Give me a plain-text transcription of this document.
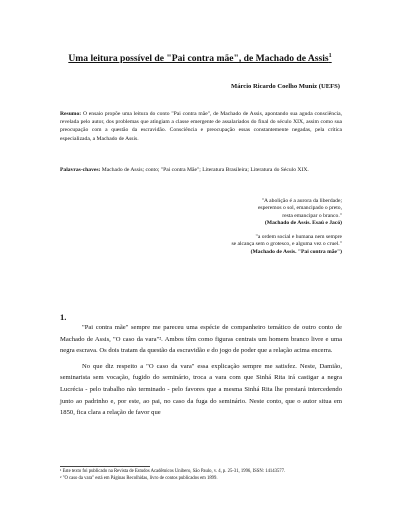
Uma leitura possível de "Pai contra mãe", de Machado de Assis$^1$
Márcio Ricardo Coelho Muniz (UEFS)
Resumo: O ensaio propõe uma leitura do conto "Pai contra mãe", de Machado de Assis, apontando sua aguda consciência, revelada pelo autor, dos problemas que atingiam a classe emergente de assalariados do final do século XIX, assim como sua preocupação com a questão da escravidão. Consciência e preocupação essas constantemente negadas, pela crítica especializada, a Machado de Assis.
Palavras-chaves: Machado de Assis; conto; "Pai contra Mãe"; Literatura Brasileira; Literatura do Século XIX.
"A abolição é a aurora da liberdade;
esperemos o sol, emancipado o preto,
resta emancipar o branco."
(Machado de Assis. Esaú e Jacó)
"a ordem social e humana nem sempre
se alcança sem o grotesco, e alguma vez o cruel."
(Machado de Assis. "Pai contra mãe")
1.

"Pai contra mãe" sempre me pareceu uma espécie de companheiro temático de outro conto de Machado de Assis, "O caso da vara"². Ambos têm como figuras centrais um homem branco livre e uma negra escrava. Os dois tratam da questão da escravidão e do jogo de poder que a relação acima encerra.

No que diz respeito a "O caso da vara" essa explicação sempre me satisfez. Neste, Damião, seminarista sem vocação, fugido do seminário, troca a vara com que Sinhá Rita irá castigar a negra Lucrécia - pelo trabalho não terminado - pelo favores que a mesma Sinhá Rita lhe prestará intercedendo junto ao padrinho e, por este, ao pai, no caso da fuga do seminário. Neste conto, que o autor situa em 1850, fica clara a relação de favor que

¹ Este texto foi publicado na Revista de Estudos Acadêmicos Unibero, São Paulo, v. 4, p. 25-31, 1996, ISSN: 14143577.

² "O caso da vara" está em Páginas Recolhidas, livro de contos publicados em 1899.
